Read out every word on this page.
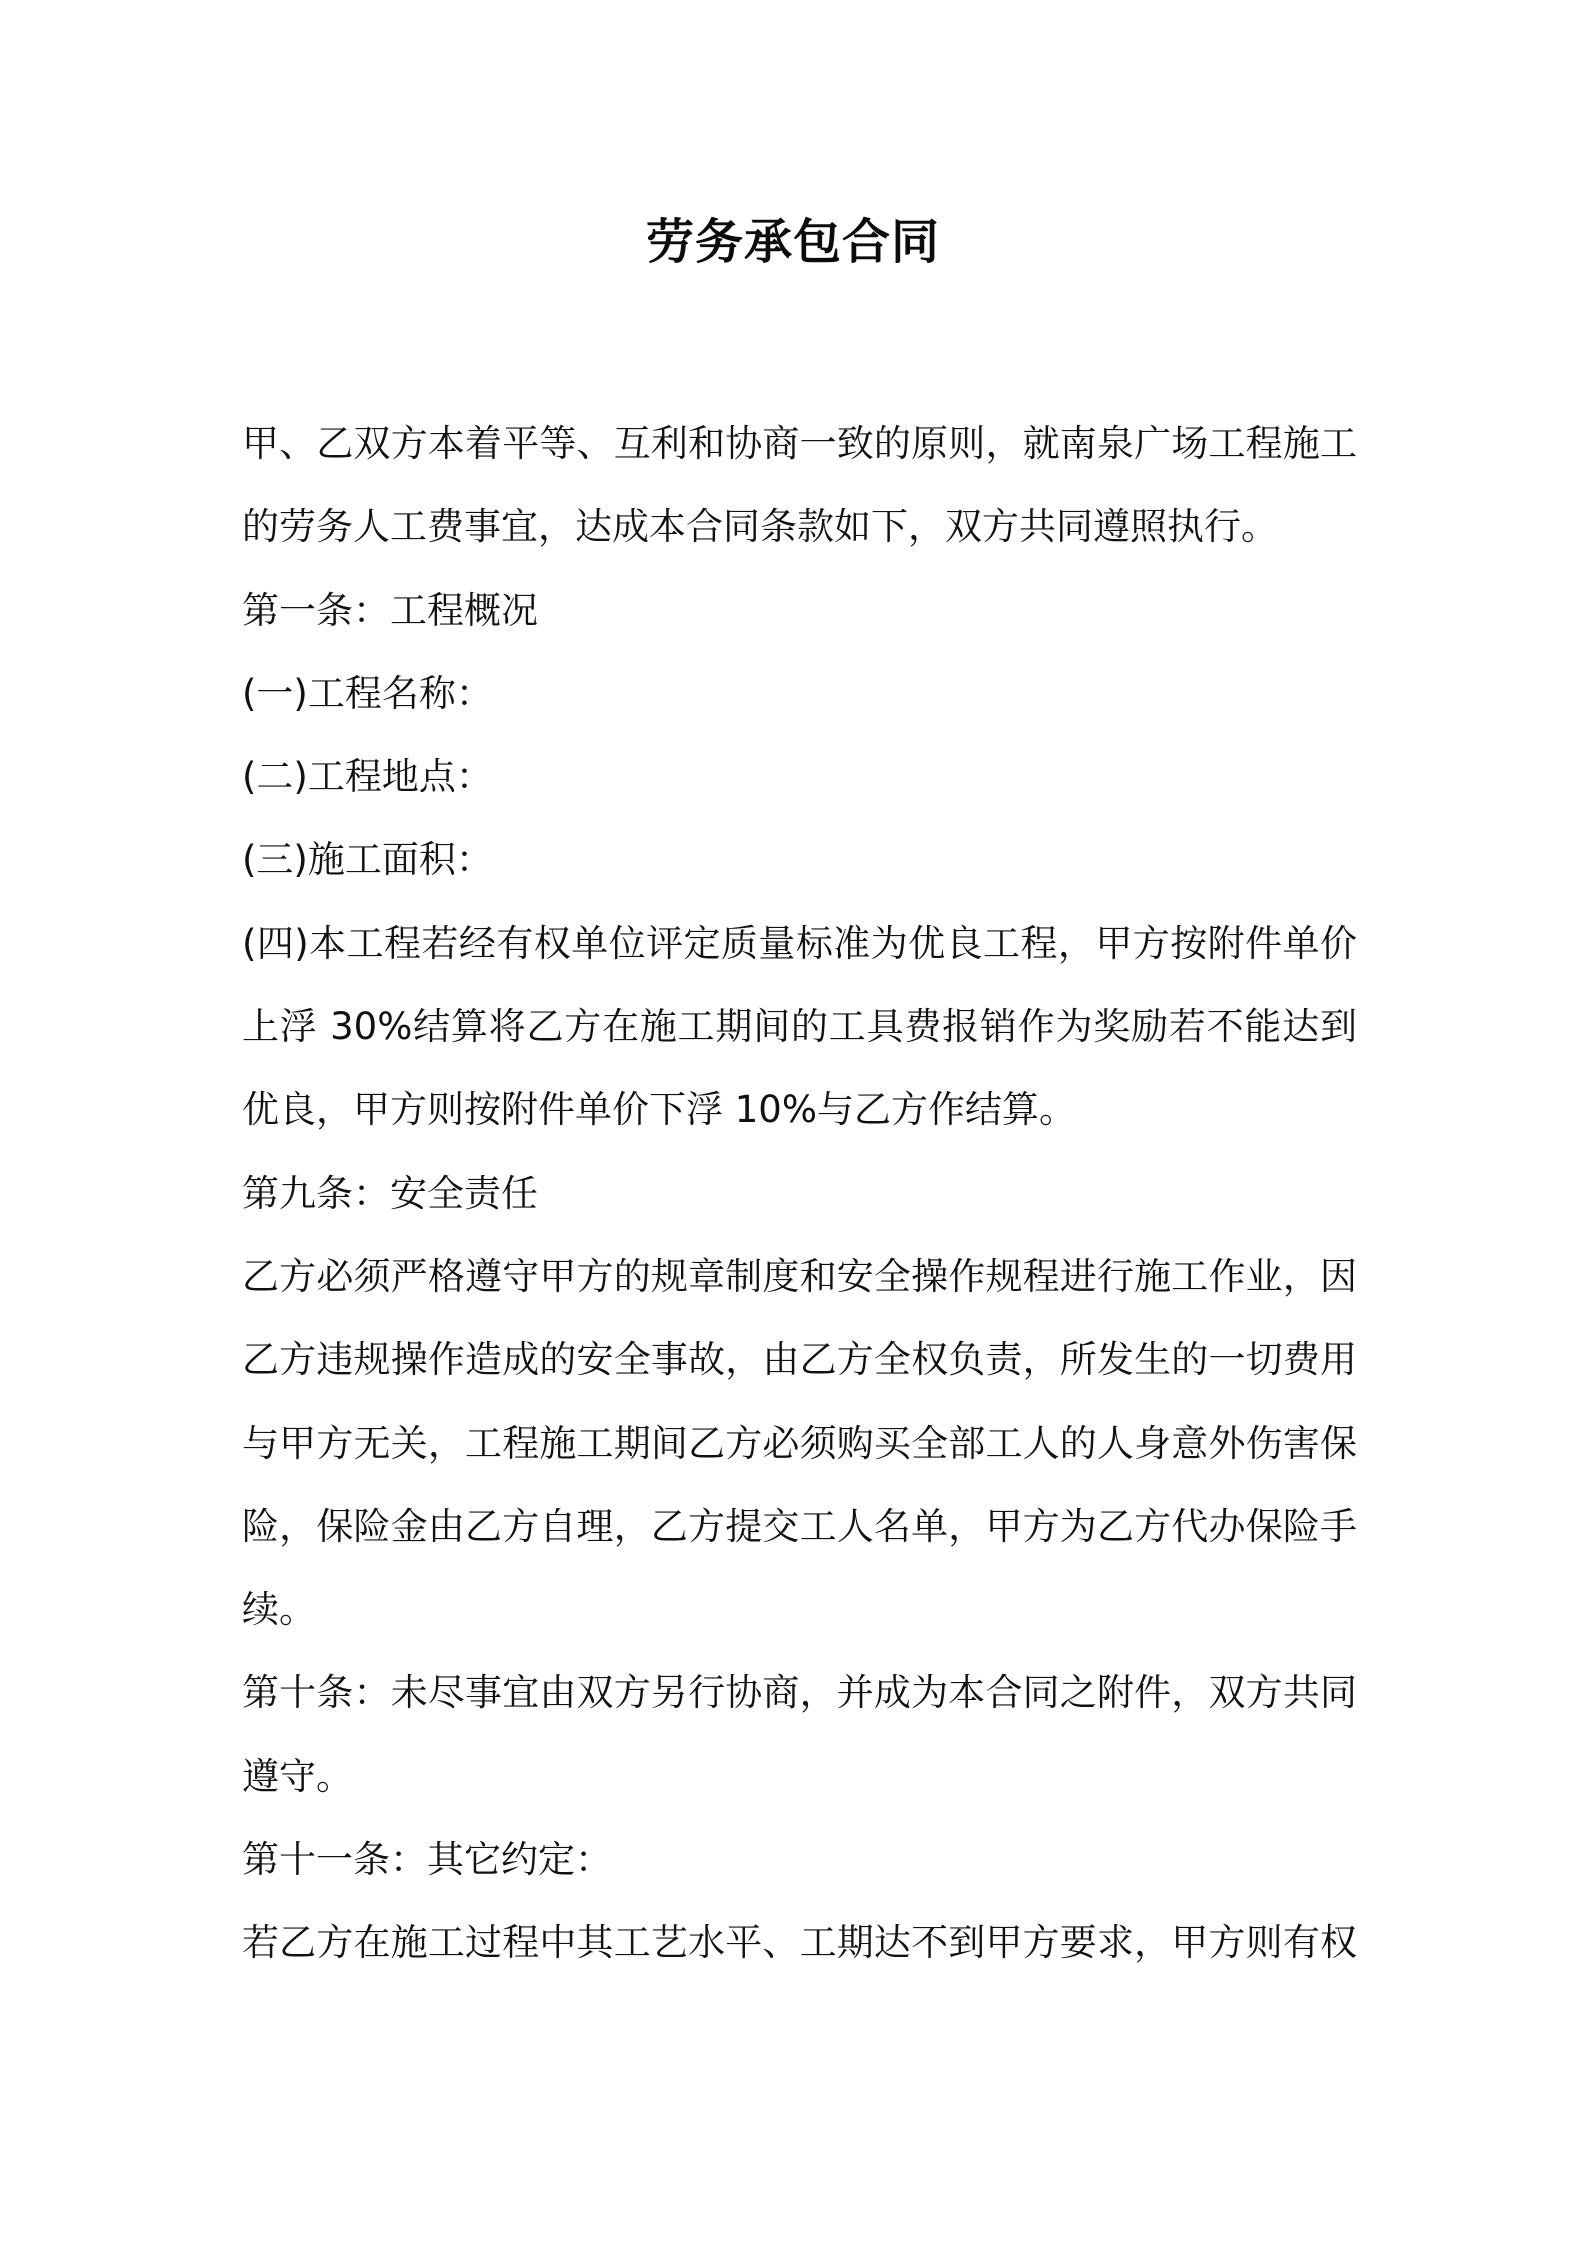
劳务承包合同
甲、乙双方本着平等、互利和协商一致的原则，就南泉广场工程施工
的劳务人工费事宜，达成本合同条款如下，双方共同遵照执行。
第一条：工程概况
(一)工程名称：
(二)工程地点：
(三)施工面积：
(四)本工程若经有权单位评定质量标准为优良工程，甲方按附件单价
上浮 30%结算将乙方在施工期间的工具费报销作为奖励若不能达到
优良，甲方则按附件单价下浮 10%与乙方作结算。
第九条：安全责任
乙方必须严格遵守甲方的规章制度和安全操作规程进行施工作业，因
乙方违规操作造成的安全事故，由乙方全权负责，所发生的一切费用
与甲方无关，工程施工期间乙方必须购买全部工人的人身意外伤害保
险，保险金由乙方自理，乙方提交工人名单，甲方为乙方代办保险手
续。
第十条：未尽事宜由双方另行协商，并成为本合同之附件，双方共同
遵守。
第十一条：其它约定：
若乙方在施工过程中其工艺水平、工期达不到甲方要求，甲方则有权
